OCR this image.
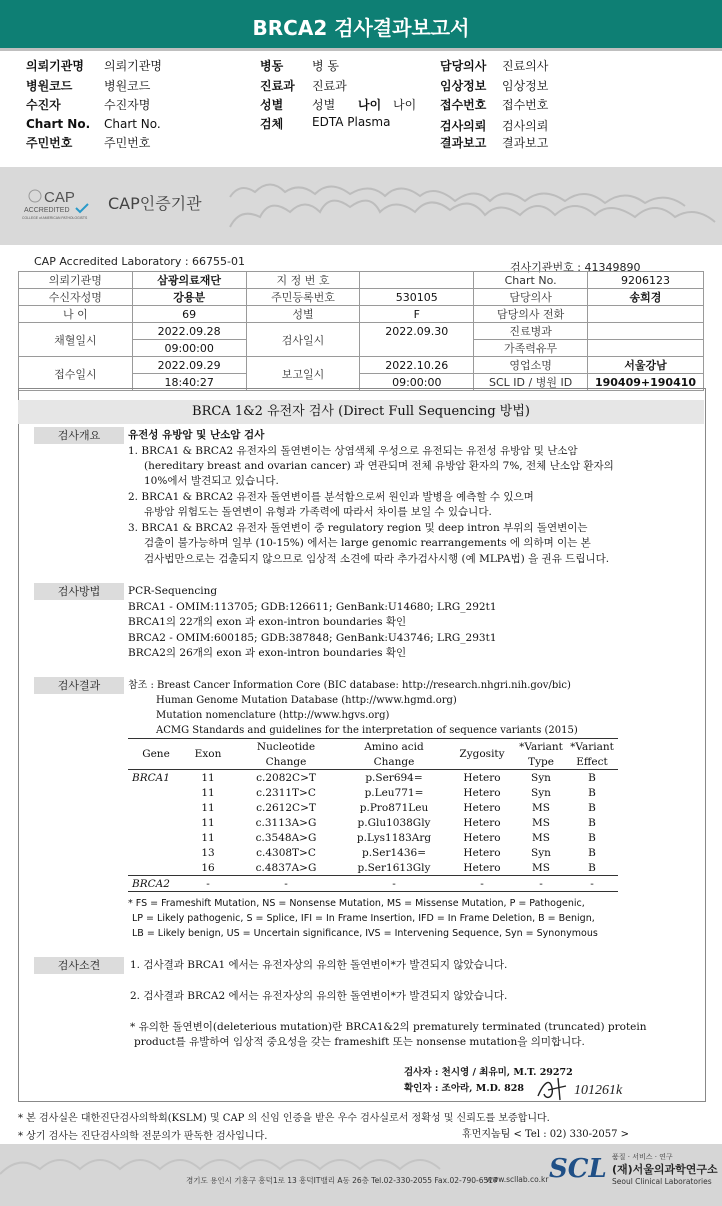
BRCA2 검사결과보고서
의뢰기관명 의뢰기관명
병원코드	병원코드
수진자	수진자명
Chart No. Chart No.
주민번호	주민번호
병동 병 동
진료과 진료과
성별 성별 나이 나이
검체 EDTA Plasma
담당의사 진료의사
임상정보 임상정보
접수번호 접수번호
검사의뢰 검사의뢰
결과보고 결과보고
CAP
ACCREDITED
COLLEGE of AMERICAN PATHOLOGISTS
CAP인증기관
CAP Accredited Laboratory : 66755-01	검사기관번호 : 41349890
의뢰기관명	삼광의료재단	지 정 번 호		Chart No.	9206123
수신자성명	강용분	주민등록번호	530105	담당의사	송희경
나 이	69	성별	F	담당의사 전화	
채혈일시	2022.09.28	검사일시	2022.09.30	진료병과	
	09:00:00			가족력유무	
접수일시	2022.09.29	보고일시	2022.10.26	영업소명	서울강남
	18:40:27		09:00:00	SCL ID / 병원 ID	190409+190410
BRCA 1&2 유전자 검사 (Direct Full Sequencing 방법)
검사개요	유전성 유방암 및 난소암 검사
1. BRCA1 & BRCA2 유전자의 돌연변이는 상염색체 우성으로 유전되는 유전성 유방암 및 난소암
(hereditary breast and ovarian cancer) 과 연관되며 전체 유방암 환자의 7%, 전체 난소암 환자의
10%에서 발견되고 있습니다.
2. BRCA1 & BRCA2 유전자 돌연변이를 분석함으로써 원인과 발병을 예측할 수 있으며
유방암 위험도는 돌연변이 유형과 가족력에 따라서 차이를 보일 수 있습니다.
3. BRCA1 & BRCA2 유전자 돌연변이 중 regulatory region 및 deep intron 부위의 돌연변이는
검출이 불가능하며 일부 (10-15%) 에서는 large genomic rearrangements 에 의하며 이는 본
검사법만으로는 검출되지 않으므로 임상적 소견에 따라 추가검사시행 (예 MLPA법) 을 권유 드립니다.
검사방법	PCR-Sequencing
BRCA1 - OMIM:113705; GDB:126611; GenBank:U14680; LRG_292t1
BRCA1의 22개의 exon 과 exon-intron boundaries 확인
BRCA2 - OMIM:600185; GDB:387848; GenBank:U43746; LRG_293t1
BRCA2의 26개의 exon 과 exon-intron boundaries 확인
검사결과	참조 : Breast Cancer Information Core (BIC database: http://research.nhgri.nih.gov/bic)
Human Genome Mutation Database (http://www.hgmd.org)
Mutation nomenclature (http://www.hgvs.org)
ACMG Standards and guidelines for the interpretation of sequence variants (2015)
Gene	Exon	Nucleotide	Amino acid	Zygosity	*Variant	*Variant
		Change	Change		Type	Effect
BRCA1	11	c.2082C>T	p.Ser694=	Hetero	Syn	B
	11	c.2311T>C	p.Leu771=	Hetero	Syn	B
	11	c.2612C>T	p.Pro871Leu	Hetero	MS	B
	11	c.3113A>G	p.Glu1038Gly	Hetero	MS	B
	11	c.3548A>G	p.Lys1183Arg	Hetero	MS	B
	13	c.4308T>C	p.Ser1436=	Hetero	Syn	B
	16	c.4837A>G	p.Ser1613Gly	Hetero	MS	B
BRCA2	-	-	-	-	-	-
* FS = Frameshift Mutation, NS = Nonsense Mutation, MS = Missense Mutation, P = Pathogenic,
LP = Likely pathogenic, S = Splice, IFI = In Frame Insertion, IFD = In Frame Deletion, B = Benign,
LB = Likely benign, US = Uncertain significance, IVS = Intervening Sequence, Syn = Synonymous
검사소견	1. 검사결과 BRCA1 에서는 유전자상의 유의한 돌연변이*가 발견되지 않았습니다.
2. 검사결과 BRCA2 에서는 유전자상의 유의한 돌연변이*가 발견되지 않았습니다.
* 유의한 돌연변이(deleterious mutation)란 BRCA1&2의 prematurely terminated (truncated) protein
product를 유발하여 임상적 중요성을 갖는 frameshift 또는 nonsense mutation을 의미합니다.
검사자 : 천시영 / 최유미, M.T. 29272
확인자 : 조아라, M.D. 828	101261k
* 본 검사실은 대한진단검사의학회(KSLM) 및 CAP 의 신임 인증을 받은 우수 검사실로서 정확성 및 신뢰도를 보증합니다.
* 상기 검사는 진단검사의학 전문의가 판독한 검사입니다.	휴먼지놈팀 < Tel : 02) 330-2057 >
경기도 용인시 기흥구 흥덕1로 13 흥덕IT밸리 A동 26층 Tel.02-330-2055 Fax.02-790-6517
www.scllab.co.kr SCL 품질 · 서비스 · 연구
(재)서울의과학연구소
Seoul Clinical Laboratories
